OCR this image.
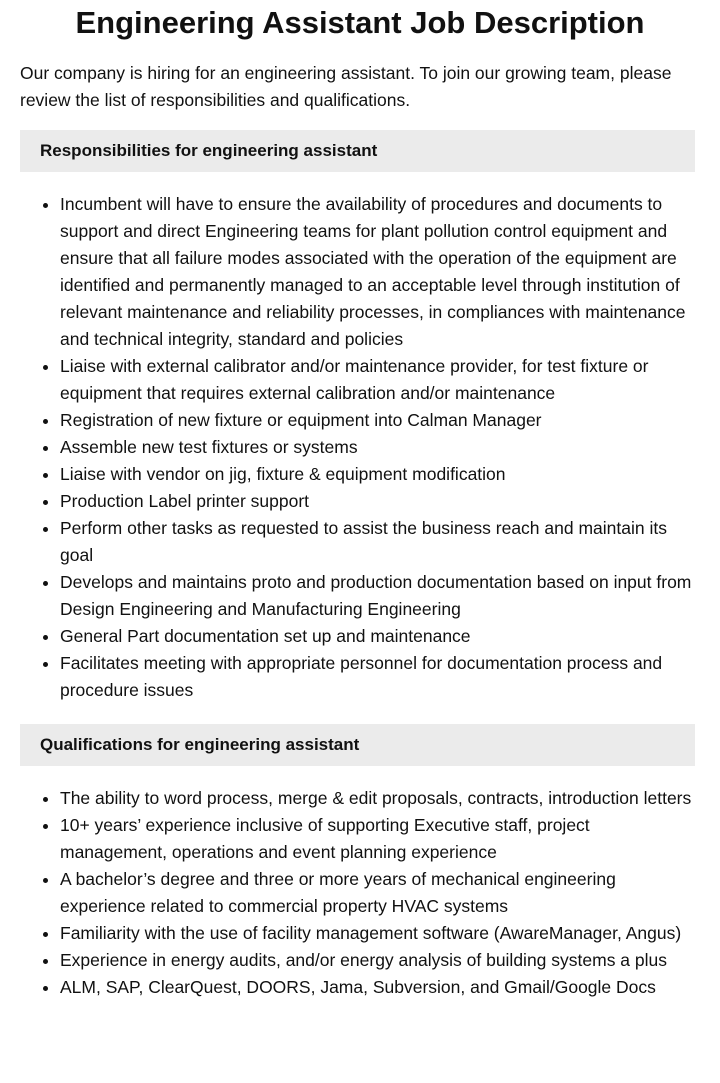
Engineering Assistant Job Description

Our company is hiring for an engineering assistant. To join our growing team, please review the list of responsibilities and qualifications.

Responsibilities for engineering assistant
• Incumbent will have to ensure the availability of procedures and documents to support and direct Engineering teams for plant pollution control equipment and ensure that all failure modes associated with the operation of the equipment are identified and permanently managed to an acceptable level through institution of relevant maintenance and reliability processes, in compliances with maintenance and technical integrity, standard and policies
• Liaise with external calibrator and/or maintenance provider, for test fixture or equipment that requires external calibration and/or maintenance
• Registration of new fixture or equipment into Calman Manager
• Assemble new test fixtures or systems
• Liaise with vendor on jig, fixture & equipment modification
• Production Label printer support
• Perform other tasks as requested to assist the business reach and maintain its goal
• Develops and maintains proto and production documentation based on input from Design Engineering and Manufacturing Engineering
• General Part documentation set up and maintenance
• Facilitates meeting with appropriate personnel for documentation process and procedure issues
Qualifications for engineering assistant
• The ability to word process, merge & edit proposals, contracts, introduction letters
• 10+ years’ experience inclusive of supporting Executive staff, project management, operations and event planning experience
• A bachelor’s degree and three or more years of mechanical engineering experience related to commercial property HVAC systems
• Familiarity with the use of facility management software (AwareManager, Angus)
• Experience in energy audits, and/or energy analysis of building systems a plus
• ALM, SAP, ClearQuest, DOORS, Jama, Subversion, and Gmail/Google Docs
